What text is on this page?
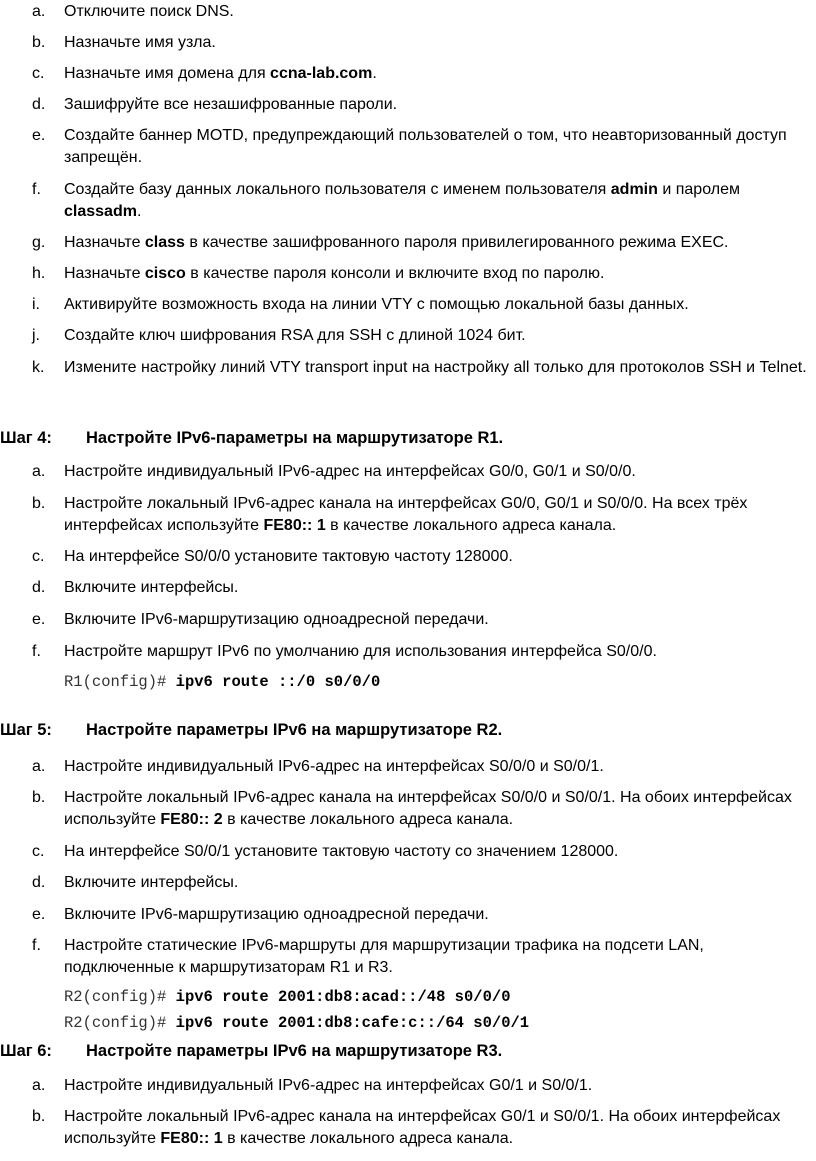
a.	Отключите поиск DNS.
b.	Назначьте имя узла.
c.	Назначьте имя домена для ccna-lab.com.
d.	Зашифруйте все незашифрованные пароли.
e.	Создайте баннер MOTD, предупреждающий пользователей о том, что неавторизованный доступ запрещён.
f.	Создайте базу данных локального пользователя с именем пользователя admin и паролем classadm.
g.	Назначьте class в качестве зашифрованного пароля привилегированного режима EXEC.
h.	Назначьте cisco в качестве пароля консоли и включите вход по паролю.
i.	Активируйте возможность входа на линии VTY с помощью локальной базы данных.
j.	Создайте ключ шифрования RSA для SSH с длиной 1024 бит.
k.	Измените настройку линий VTY transport input на настройку all только для протоколов SSH и Telnet.
Шаг 4: Настройте IPv6-параметры на маршрутизаторе R1.
a.	Настройте индивидуальный IPv6-адрес на интерфейсах G0/0, G0/1 и S0/0/0.
b.	Настройте локальный IPv6-адрес канала на интерфейсах G0/0, G0/1 и S0/0/0. На всех трёх интерфейсах используйте FE80:: 1 в качестве локального адреса канала.
c.	На интерфейсе S0/0/0 установите тактовую частоту 128000.
d.	Включите интерфейсы.
e.	Включите IPv6-маршрутизацию одноадресной передачи.
f.	Настройте маршрут IPv6 по умолчанию для использования интерфейса S0/0/0.
R1(config)# ipv6 route ::/0 s0/0/0
Шаг 5: Настройте параметры IPv6 на маршрутизаторе R2.
a.	Настройте индивидуальный IPv6-адрес на интерфейсах S0/0/0 и S0/0/1.
b.	Настройте локальный IPv6-адрес канала на интерфейсах S0/0/0 и S0/0/1. На обоих интерфейсах используйте FE80:: 2 в качестве локального адреса канала.
c.	На интерфейсе S0/0/1 установите тактовую частоту со значением 128000.
d.	Включите интерфейсы.
e.	Включите IPv6-маршрутизацию одноадресной передачи.
f.	Настройте статические IPv6-маршруты для маршрутизации трафика на подсети LAN, подключенные к маршрутизаторам R1 и R3.
R2(config)# ipv6 route 2001:db8:acad::/48 s0/0/0
R2(config)# ipv6 route 2001:db8:cafe:c::/64 s0/0/1
Шаг 6: Настройте параметры IPv6 на маршрутизаторе R3.
a.	Настройте индивидуальный IPv6-адрес на интерфейсах G0/1 и S0/0/1.
b.	Настройте локальный IPv6-адрес канала на интерфейсах G0/1 и S0/0/1. На обоих интерфейсах используйте FE80:: 1 в качестве локального адреса канала.
